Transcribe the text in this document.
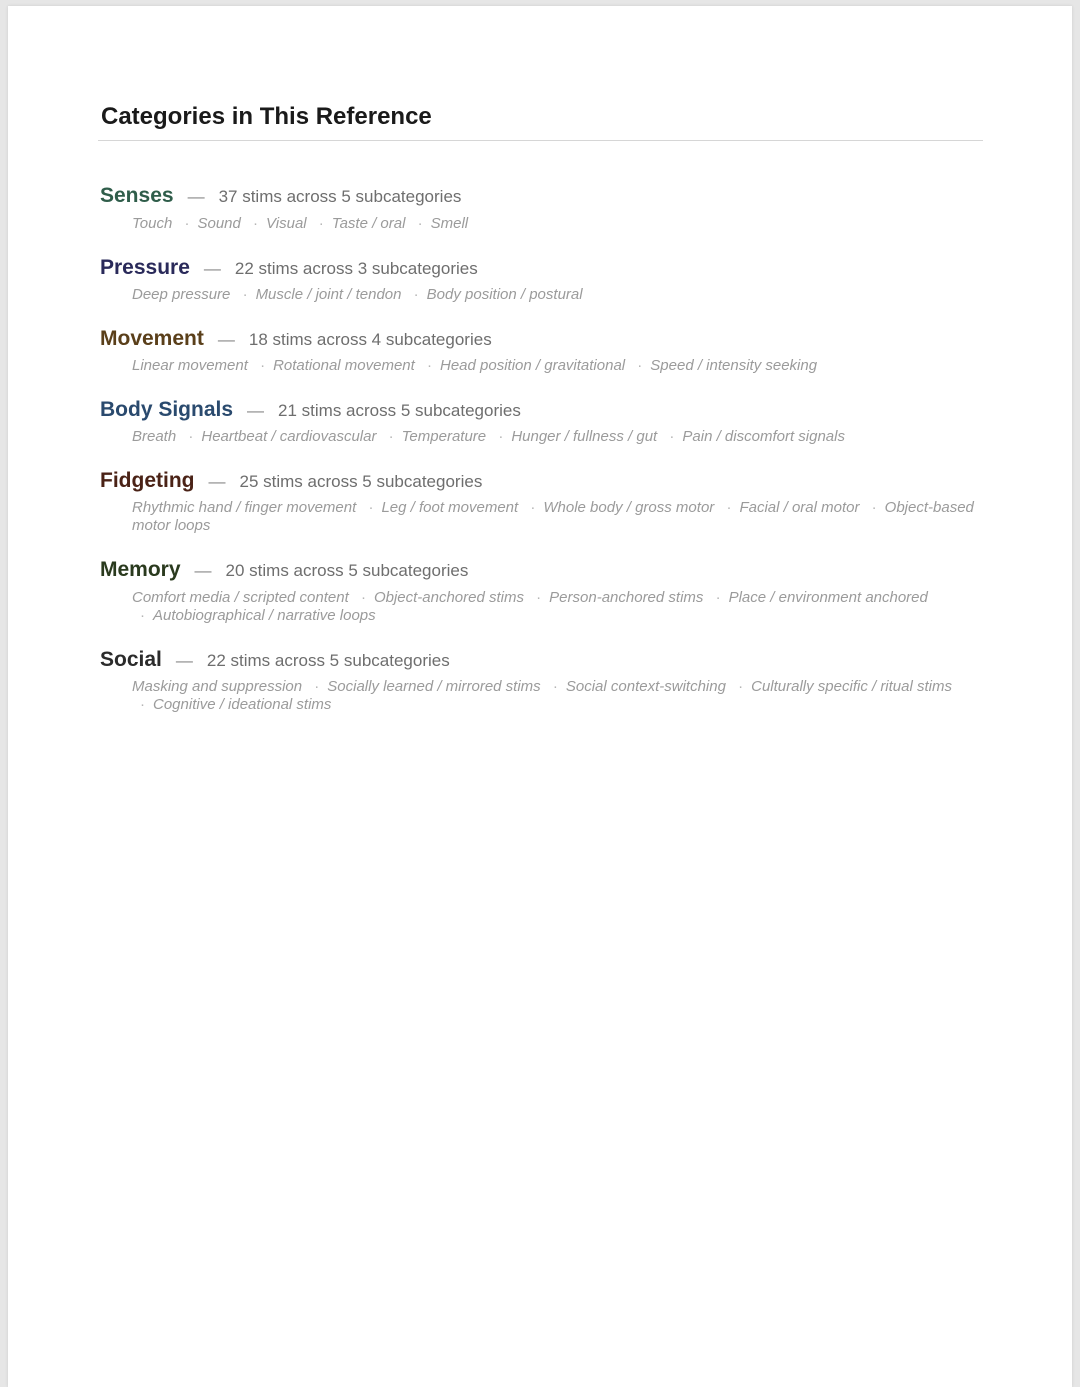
Categories in This Reference
Senses — 37 stims across 5 subcategories
Touch · Sound · Visual · Taste / oral · Smell
Pressure — 22 stims across 3 subcategories
Deep pressure · Muscle / joint / tendon · Body position / postural
Movement — 18 stims across 4 subcategories
Linear movement · Rotational movement · Head position / gravitational · Speed / intensity seeking
Body Signals — 21 stims across 5 subcategories
Breath · Heartbeat / cardiovascular · Temperature · Hunger / fullness / gut · Pain / discomfort signals
Fidgeting — 25 stims across 5 subcategories
Rhythmic hand / finger movement · Leg / foot movement · Whole body / gross motor · Facial / oral motor · Object-based motor loops
Memory — 20 stims across 5 subcategories
Comfort media / scripted content · Object-anchored stims · Person-anchored stims · Place / environment anchored · Autobiographical / narrative loops
Social — 22 stims across 5 subcategories
Masking and suppression · Socially learned / mirrored stims · Social context-switching · Culturally specific / ritual stims · Cognitive / ideational stims
